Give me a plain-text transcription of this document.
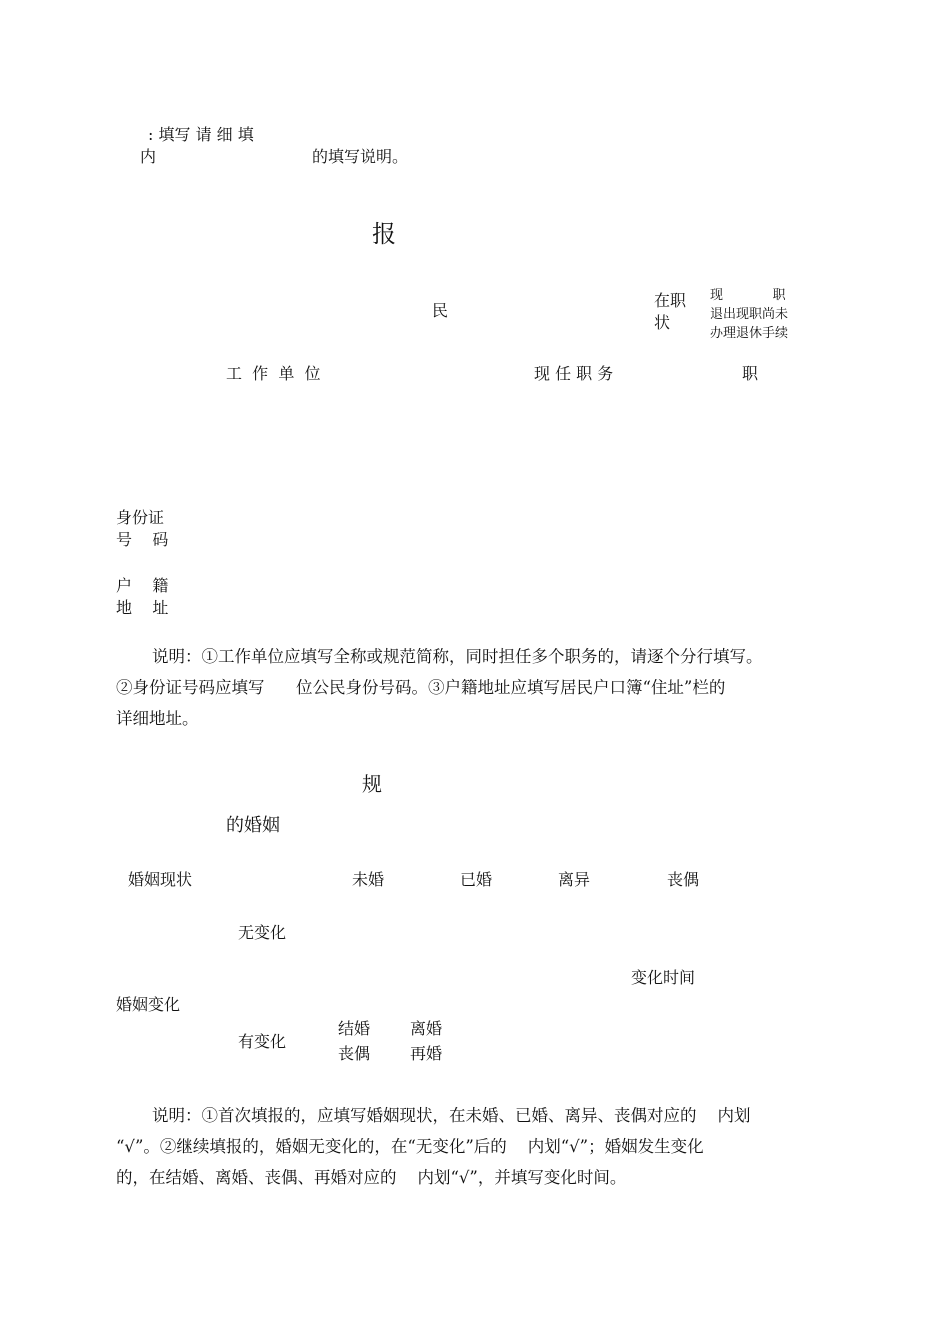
: 填写 请 细 填
内	的填写说明。
报
民
在职
状
现            职
退出现职尚未
办理退休手续
工  作  单  位	现 任 职 务	职
身份证
号    码
户    籍
地    址
说明：①工作单位应填写全称或规范简称，同时担任多个职务的，请逐个分行填写。
②身份证号码应填写      位公民身份号码。③户籍地址应填写居民户口簿“住址”栏的
详细地址。
规
的婚姻
婚姻现状	未婚	已婚	离异	丧偶
无变化
变化时间
婚姻变化
有变化
结婚 离婚
丧偶 再婚
说明：①首次填报的，应填写婚姻现状，在未婚、已婚、离异、丧偶对应的    内划
“√”。②继续填报的，婚姻无变化的，在“无变化”后的    内划“√”；婚姻发生变化
的，在结婚、离婚、丧偶、再婚对应的    内划“√”，并填写变化时间。
